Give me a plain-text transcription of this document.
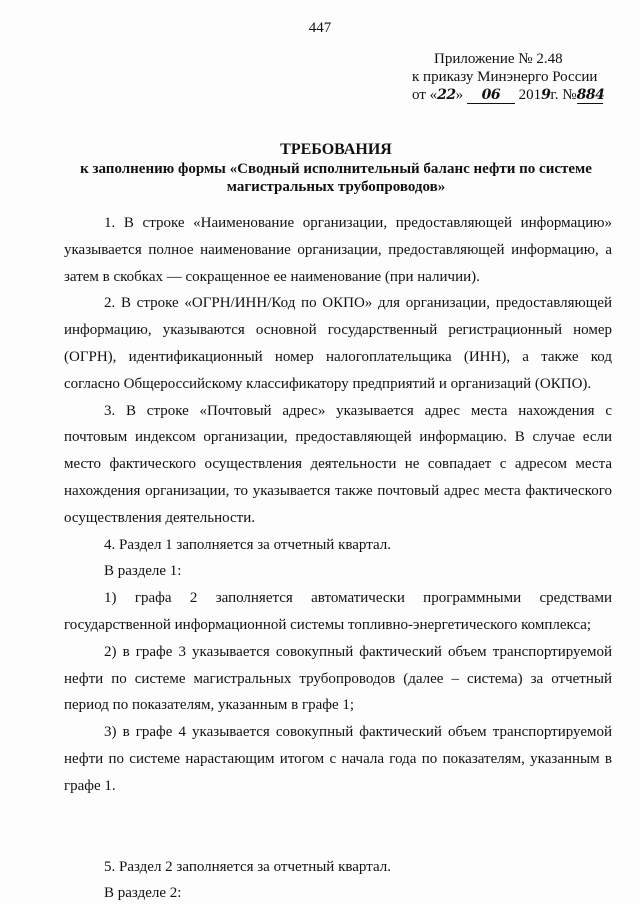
447
Приложение № 2.48
к приказу Минэнерго России
от «22» 06 2019г. №884
ТРЕБОВАНИЯ
к заполнению формы «Сводный исполнительный баланс нефти по системе
магистральных трубопроводов»

1. В строке «Наименование организации, предоставляющей информацию» указывается полное наименование организации, предоставляющей информацию, а затем в скобках — сокращенное ее наименование (при наличии).

2. В строке «ОГРН/ИНН/Код по ОКПО» для организации, предоставляющей информацию, указываются основной государственный регистрационный номер (ОГРН), идентификационный номер налогоплательщика (ИНН), а также код согласно Общероссийскому классификатору предприятий и организаций (ОКПО).

3. В строке «Почтовый адрес» указывается адрес места нахождения с почтовым индексом организации, предоставляющей информацию. В случае если место фактического осуществления деятельности не совпадает с адресом места нахождения организации, то указывается также почтовый адрес места фактического осуществления деятельности.

4. Раздел 1 заполняется за отчетный квартал.

В разделе 1:

1) графа 2 заполняется автоматически программными средствами государственной информационной системы топливно-энергетического комплекса;

2) в графе 3 указывается совокупный фактический объем транспортируемой нефти по системе магистральных трубопроводов (далее – система) за отчетный период по показателям, указанным в графе 1;

3) в графе 4 указывается совокупный фактический объем транспортируемой нефти по системе нарастающим итогом с начала года по показателям, указанным в графе 1.

5. Раздел 2 заполняется за отчетный квартал.

В разделе 2:
